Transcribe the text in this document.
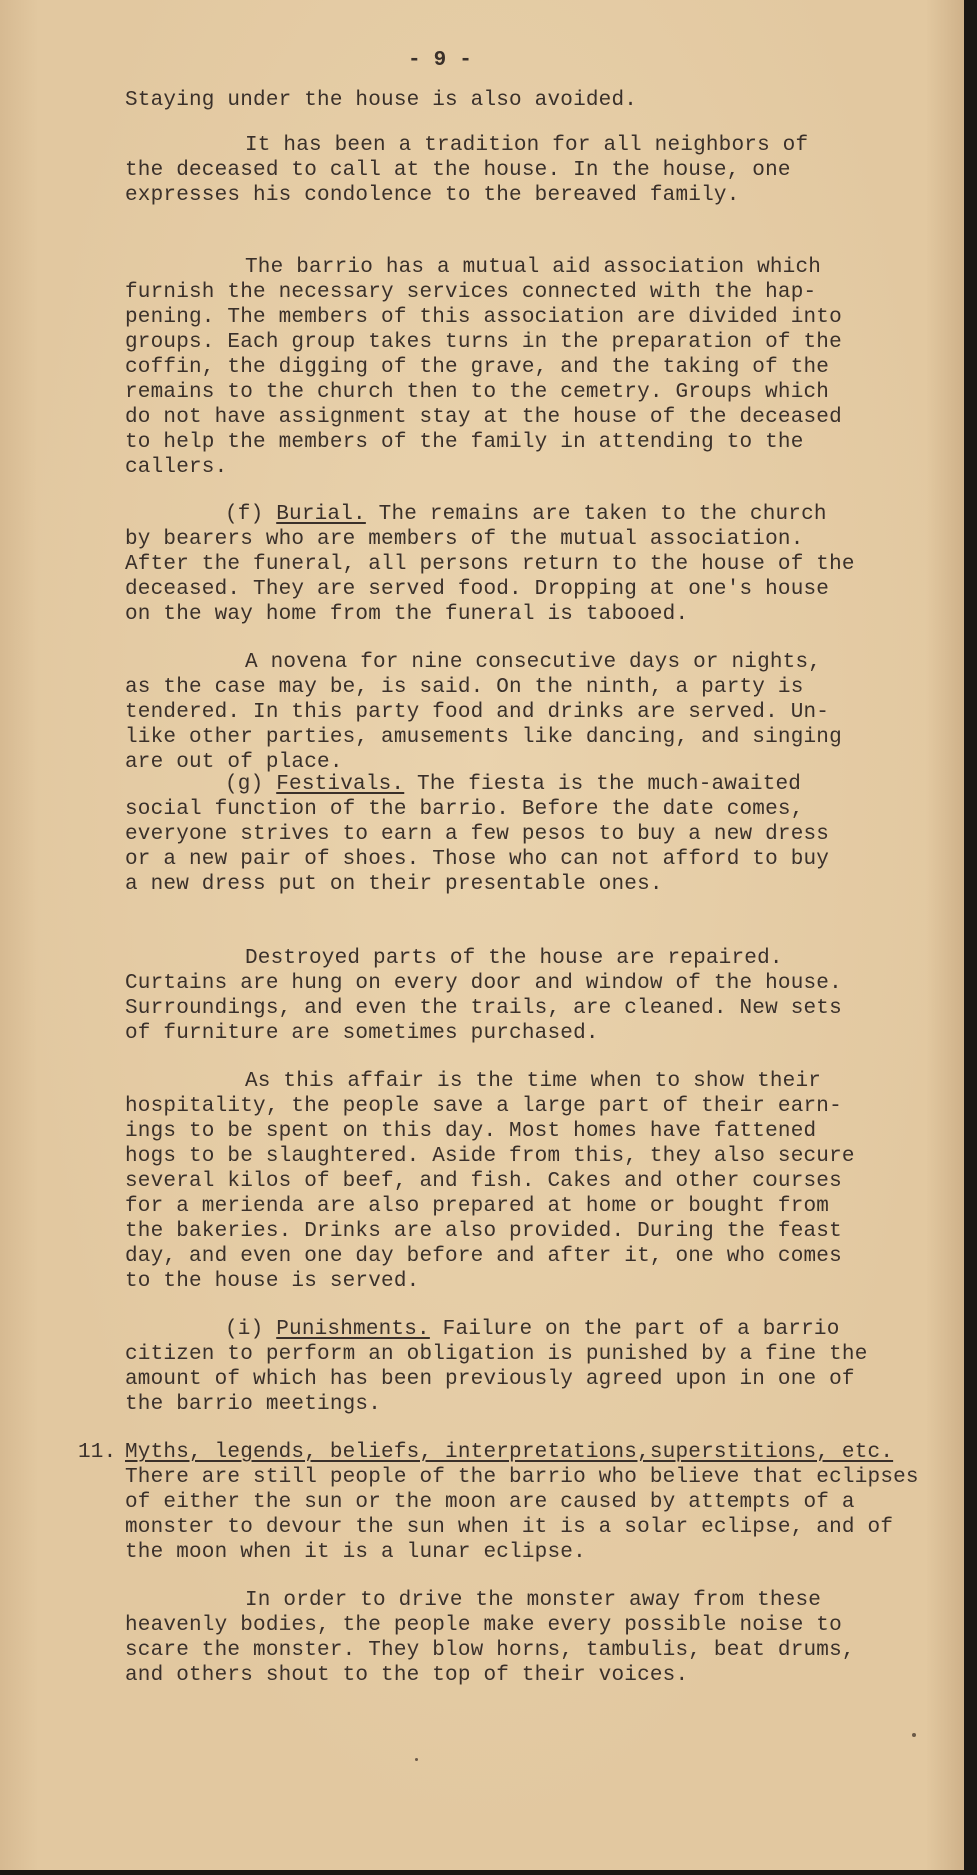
- 9 -
Staying under the house is also avoided.
It has been a tradition for all neighbors of
the deceased to call at the house. In the house, one
expresses his condolence to the bereaved family.
The barrio has a mutual aid association which
furnish the necessary services connected with the hap-
pening. The members of this association are divided into
groups. Each group takes turns in the preparation of the
coffin, the digging of the grave, and the taking of the
remains to the church then to the cemetry. Groups which
do not have assignment stay at the house of the deceased
to help the members of the family in attending to the
callers.
(f) Burial. The remains are taken to the church
by bearers who are members of the mutual association.
After the funeral, all persons return to the house of the
deceased. They are served food. Dropping at one's house
on the way home from the funeral is tabooed.
A novena for nine consecutive days or nights,
as the case may be, is said. On the ninth, a party is
tendered. In this party food and drinks are served. Un-
like other parties, amusements like dancing, and singing
are out of place.
(g) Festivals. The fiesta is the much-awaited
social function of the barrio. Before the date comes,
everyone strives to earn a few pesos to buy a new dress
or a new pair of shoes. Those who can not afford to buy
a new dress put on their presentable ones.
Destroyed parts of the house are repaired.
Curtains are hung on every door and window of the house.
Surroundings, and even the trails, are cleaned. New sets
of furniture are sometimes purchased.
As this affair is the time when to show their
hospitality, the people save a large part of their earn-
ings to be spent on this day. Most homes have fattened
hogs to be slaughtered. Aside from this, they also secure
several kilos of beef, and fish. Cakes and other courses
for a merienda are also prepared at home or bought from
the bakeries. Drinks are also provided. During the feast
day, and even one day before and after it, one who comes
to the house is served.
(i) Punishments. Failure on the part of a barrio
citizen to perform an obligation is punished by a fine the
amount of which has been previously agreed upon in one of
the barrio meetings.
11. Myths, legends, beliefs, interpretations,superstitions, etc.
There are still people of the barrio who believe that eclipses
of either the sun or the moon are caused by attempts of a
monster to devour the sun when it is a solar eclipse, and of
the moon when it is a lunar eclipse.
In order to drive the monster away from these
heavenly bodies, the people make every possible noise to
scare the monster. They blow horns, tambulis, beat drums,
and others shout to the top of their voices.
